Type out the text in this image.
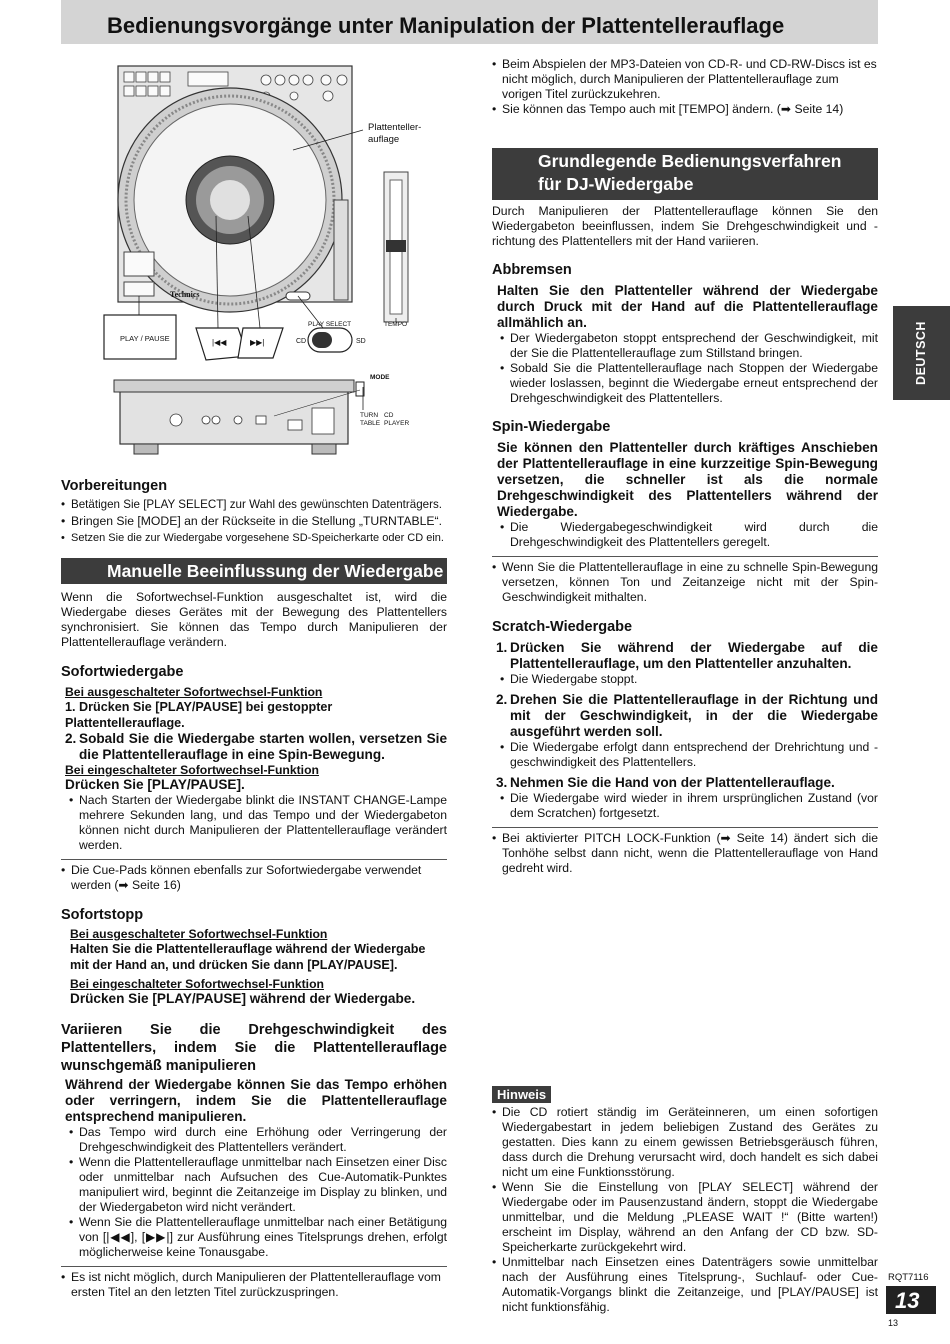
Bedienungsvorgänge unter Manipulation der Plattentellerauflage
Technics
Plattenteller-
auflage
PLAY / PAUSE	|◀◀	▶▶|
PLAY SELECT
CD	SD
TEMPO
MODE
TURN
TABLE
CD
PLAYER
Vorbereitungen
• Betätigen Sie [PLAY SELECT] zur Wahl des gewünschten Datenträgers.
• Bringen Sie [MODE] an der Rückseite in die Stellung „TURNTABLE“.
• Setzen Sie die zur Wiedergabe vorgesehene SD-Speicherkarte oder CD ein.
Manuelle Beeinflussung der Wiedergabe
Wenn die Sofortwechsel-Funktion ausgeschaltet ist, wird die Wiedergabe dieses Gerätes mit der Bewegung des Plattentellers synchronisiert. Sie können das Tempo durch Manipulieren der Plattentellerauflage verändern.
Sofortwiedergabe
Bei ausgeschalteter Sofortwechsel-Funktion
1. Drücken Sie [PLAY/PAUSE] bei gestoppter Plattentellerauflage.
2. Sobald Sie die Wiedergabe starten wollen, versetzen Sie die Plattentellerauflage in eine Spin-Bewegung.
Bei eingeschalteter Sofortwechsel-Funktion
Drücken Sie [PLAY/PAUSE].
• Nach Starten der Wiedergabe blinkt die INSTANT CHANGE-Lampe mehrere Sekunden lang, und das Tempo und der Wiedergabeton können nicht durch Manipulieren der Plattentellerauflage verändert werden.
• Die Cue-Pads können ebenfalls zur Sofortwiedergabe verwendet werden (➡ Seite 16)
Sofortstopp
Bei ausgeschalteter Sofortwechsel-Funktion
Halten Sie die Plattentellerauflage während der Wiedergabe mit der Hand an, und drücken Sie dann [PLAY/PAUSE].
Bei eingeschalteter Sofortwechsel-Funktion
Drücken Sie [PLAY/PAUSE] während der Wiedergabe.
Variieren Sie die Drehgeschwindigkeit des Plattentellers, indem Sie die Plattentellerauflage wunschgemäß manipulieren
Während der Wiedergabe können Sie das Tempo erhöhen oder verringern, indem Sie die Plattentellerauflage entsprechend manipulieren.
• Das Tempo wird durch eine Erhöhung oder Verringerung der Drehgeschwindigkeit des Plattentellers verändert.
• Wenn die Plattentellerauflage unmittelbar nach Einsetzen einer Disc oder unmittelbar nach Aufsuchen des Cue-Automatik-Punktes manipuliert wird, beginnt die Zeitanzeige im Display zu blinken, und der Wiedergabeton wird nicht verändert.
• Wenn Sie die Plattentellerauflage unmittelbar nach einer Betätigung von [|◀◀], [▶▶|] zur Ausführung eines Titelsprungs drehen, erfolgt möglicherweise keine Tonausgabe.
• Es ist nicht möglich, durch Manipulieren der Plattentellerauflage vom ersten Titel an den letzten Titel zurückzuspringen.
• Beim Abspielen der MP3-Dateien von CD-R- und CD-RW-Discs ist es nicht möglich, durch Manipulieren der Plattentellerauflage zum vorigen Titel zurückzukehren.
• Sie können das Tempo auch mit [TEMPO] ändern. (➡ Seite 14)
Grundlegende Bedienungsverfahren
für DJ-Wiedergabe
Durch Manipulieren der Plattentellerauflage können Sie den Wiedergabeton beeinflussen, indem Sie Drehgeschwindigkeit und -richtung des Plattentellers mit der Hand variieren.
Abbremsen
Halten Sie den Plattenteller während der Wiedergabe durch Druck mit der Hand auf die Plattentellerauflage allmählich an.
• Der Wiedergabeton stoppt entsprechend der Geschwindigkeit, mit der Sie die Plattentellerauflage zum Stillstand bringen.
• Sobald Sie die Plattentellerauflage nach Stoppen der Wiedergabe wieder loslassen, beginnt die Wiedergabe erneut entsprechend der Drehgeschwindigkeit des Plattentellers.
Spin-Wiedergabe
Sie können den Plattenteller durch kräftiges Anschieben der Plattentellerauflage in eine kurzzeitige Spin-Bewegung versetzen, die schneller ist als die normale Drehgeschwindigkeit des Plattentellers während der Wiedergabe.
• Die Wiedergabegeschwindigkeit wird durch die Drehgeschwindigkeit des Plattentellers geregelt.
• Wenn Sie die Plattentellerauflage in eine zu schnelle Spin-Bewegung versetzen, können Ton und Zeitanzeige nicht mit der Spin-Geschwindigkeit mithalten.
Scratch-Wiedergabe
1. Drücken Sie während der Wiedergabe auf die Plattentellerauflage, um den Plattenteller anzuhalten.
• Die Wiedergabe stoppt.
2. Drehen Sie die Plattentellerauflage in der Richtung und mit der Geschwindigkeit, in der die Wiedergabe ausgeführt werden soll.
• Die Wiedergabe erfolgt dann entsprechend der Drehrichtung und -geschwindigkeit des Plattentellers.
3. Nehmen Sie die Hand von der Plattentellerauflage.
• Die Wiedergabe wird wieder in ihrem ursprünglichen Zustand (vor dem Scratchen) fortgesetzt.
• Bei aktivierter PITCH LOCK-Funktion (➡ Seite 14) ändert sich die Tonhöhe selbst dann nicht, wenn die Plattentellerauflage von Hand gedreht wird.
Hinweis
• Die CD rotiert ständig im Geräteinneren, um einen sofortigen Wiedergabestart in jedem beliebigen Zustand des Gerätes zu gestatten. Dies kann zu einem gewissen Betriebsgeräusch führen, dass durch die Drehung verursacht wird, doch handelt es sich dabei nicht um eine Funktionsstörung.
• Wenn Sie die Einstellung von [PLAY SELECT] während der Wiedergabe oder im Pausenzustand ändern, stoppt die Wiedergabe unmittelbar, und die Meldung „PLEASE WAIT !“ (Bitte warten!) erscheint im Display, während an den Anfang der CD bzw. SD-Speicherkarte zurückgekehrt wird.
• Unmittelbar nach Einsetzen eines Datenträgers sowie unmittelbar nach der Ausführung eines Titelsprung-, Suchlauf- oder Cue-Automatik-Vorgangs blinkt die Zeitanzeige, und [PLAY/PAUSE] ist nicht funktionsfähig.
DEUTSCH
RQT7116
13
13
